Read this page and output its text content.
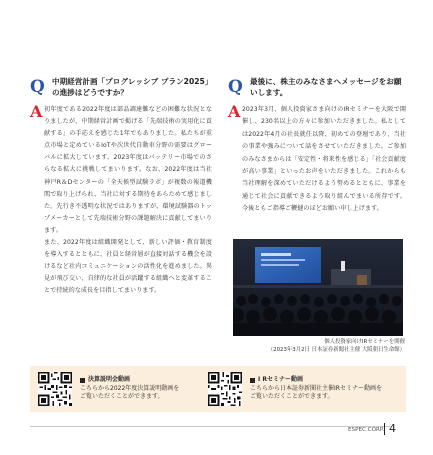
Q 中期経営計画「プログレッシブ プラン2025」の進捗はどうですか？
A 初年度である2022年度は部品調達難などの困難な状況となりましたが、中期経営計画で掲げる「先端技術の実用化に貢献する」の手応えを感じた1年でもありました。私たちが重点市場と定めているIoTや次世代自動車分野の需要はグローバルに拡大しています。2023年度はバッテリー市場でのさらなる拡大に挑戦してまいります。なお、2022年度は当社神戸R＆Dセンターの「全天候型試験ラボ」が複数の報道機関で取り上げられ、当社に対する期待をあらためて感じました。先行き不透明な状況ではありますが、環境試験器のトップメーカーとして先端技術分野の課題解決に貢献してまいります。

また、2022年度は組織開発として、新しい評価・教育制度を導入するとともに、社員と経営層が直接対話する機会を設けるなど社内コミュニケーションの活性化を進めました。異見が飛び交い、自律的な社員が活躍する組織へと変革することで持続的な成長を目指してまいります。

Q 最後に、株主のみなさまへメッセージをお願いします。
A 2023年3月、個人投資家さま向けのIRセミナーを大阪で開催し、230名以上の方々に参加いただきました。私としては2022年4月の社長就任以降、初めての登壇であり、当社の事業や強みについて話をさせていただきました。ご参加のみなさまからは「安定性・将来性を感じる」「社会貢献度が高い事業」といったお声をいただきました。これからも当社理解を深めていただけるよう努めるとともに、事業を通じて社会に貢献できるよう取り組んでまいる所存です。今後ともご指導ご鞭撻のほどお願い申し上げます。
個人投資家向けIRセミナーを開催
（2023年3月2日 日本証券新聞社主催 大阪朝日生命館）
決算説明会動画
こちらから2022年度決算説明動画を
ご覧いただくことができます。
I Rセミナー動画
こちらから日本証券新聞社主催IRセミナー動画を
ご覧いただくことができます。
ESPEC CORP. 4
